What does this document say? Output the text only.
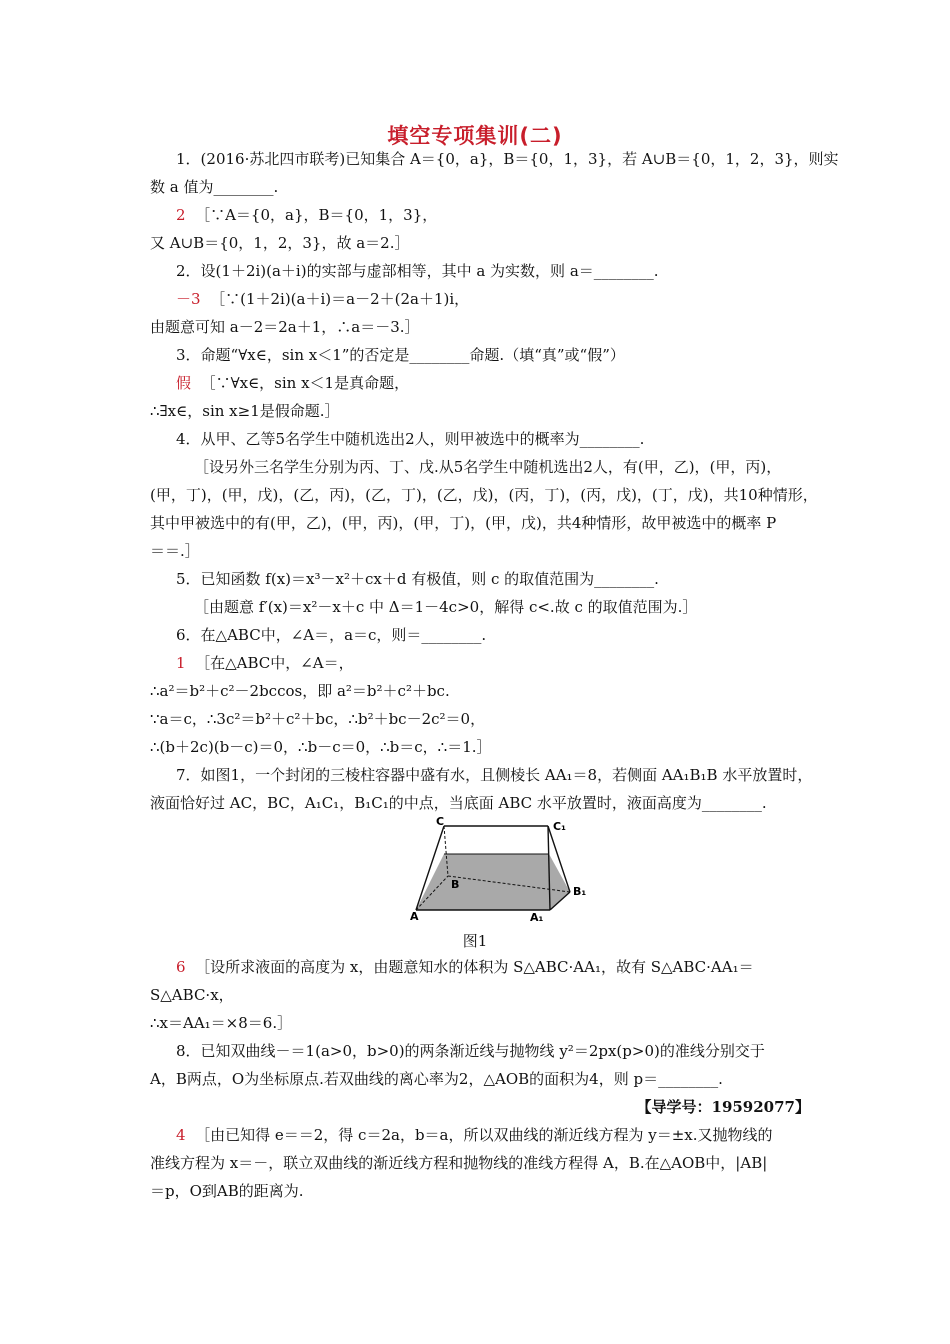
填空专项集训(二)
1．(2016·苏北四市联考)已知集合 A＝{0，a}，B＝{0，1，3}，若 A∪B＝{0，1，2，3}，则实
数 a 值为________.
2 ［∵A＝{0，a}，B＝{0，1，3}，
又 A∪B＝{0，1，2，3}，故 a＝2.］
2．设(1＋2i)(a＋i)的实部与虚部相等，其中 a 为实数，则 a＝________.
－3 ［∵(1＋2i)(a＋i)＝a－2＋(2a＋1)i，
由题意可知 a－2＝2a＋1，∴a＝－3.］
3．命题“∀x∈，sin x＜1”的否定是________命题.（填“真”或“假”）
假 ［∵∀x∈，sin x＜1是真命题，
∴∃x∈，sin x≥1是假命题.］
4．从甲、乙等5名学生中随机选出2人，则甲被选中的概率为________.
［设另外三名学生分别为丙、丁、戊.从5名学生中随机选出2人，有(甲，乙)，(甲，丙)，
(甲，丁)，(甲，戊)，(乙，丙)，(乙，丁)，(乙，戊)，(丙，丁)，(丙，戊)，(丁，戊)，共10种情形，
其中甲被选中的有(甲，乙)，(甲，丙)，(甲，丁)，(甲，戊)，共4种情形，故甲被选中的概率 P
＝＝.］
5．已知函数 f(x)＝x³－x²＋cx＋d 有极值，则 c 的取值范围为________.
［由题意 f′(x)＝x²－x＋c 中 Δ＝1－4c>0，解得 c<.故 c 的取值范围为.］
6．在△ABC中，∠A＝，a＝c，则＝________.
1 ［在△ABC中，∠A＝，
∴a²＝b²＋c²－2bccos，即 a²＝b²＋c²＋bc.
∵a＝c，∴3c²＝b²＋c²＋bc，∴b²＋bc－2c²＝0，
∴(b＋2c)(b－c)＝0，∴b－c＝0，∴b＝c，∴＝1.］
7．如图1，一个封闭的三棱柱容器中盛有水，且侧棱长 AA₁＝8，若侧面 AA₁B₁B 水平放置时，
液面恰好过 AC，BC，A₁C₁，B₁C₁的中点，当底面 ABC 水平放置时，液面高度为________.
C	C₁
B
B₁
A	A₁
图1
6 ［设所求液面的高度为 x，由题意知水的体积为 S△ABC·AA₁，故有 S△ABC·AA₁＝
S△ABC·x，
∴x＝AA₁＝×8＝6.］
8．已知双曲线－＝1(a>0，b>0)的两条渐近线与抛物线 y²＝2px(p>0)的准线分别交于
A，B两点，O为坐标原点.若双曲线的离心率为2，△AOB的面积为4，则 p＝________.
【导学号：19592077】
4 ［由已知得 e＝＝2，得 c＝2a，b＝a，所以双曲线的渐近线方程为 y＝±x.又抛物线的
准线方程为 x＝－，联立双曲线的渐近线方程和抛物线的准线方程得 A，B.在△AOB中，|AB|
＝p，O到AB的距离为.
